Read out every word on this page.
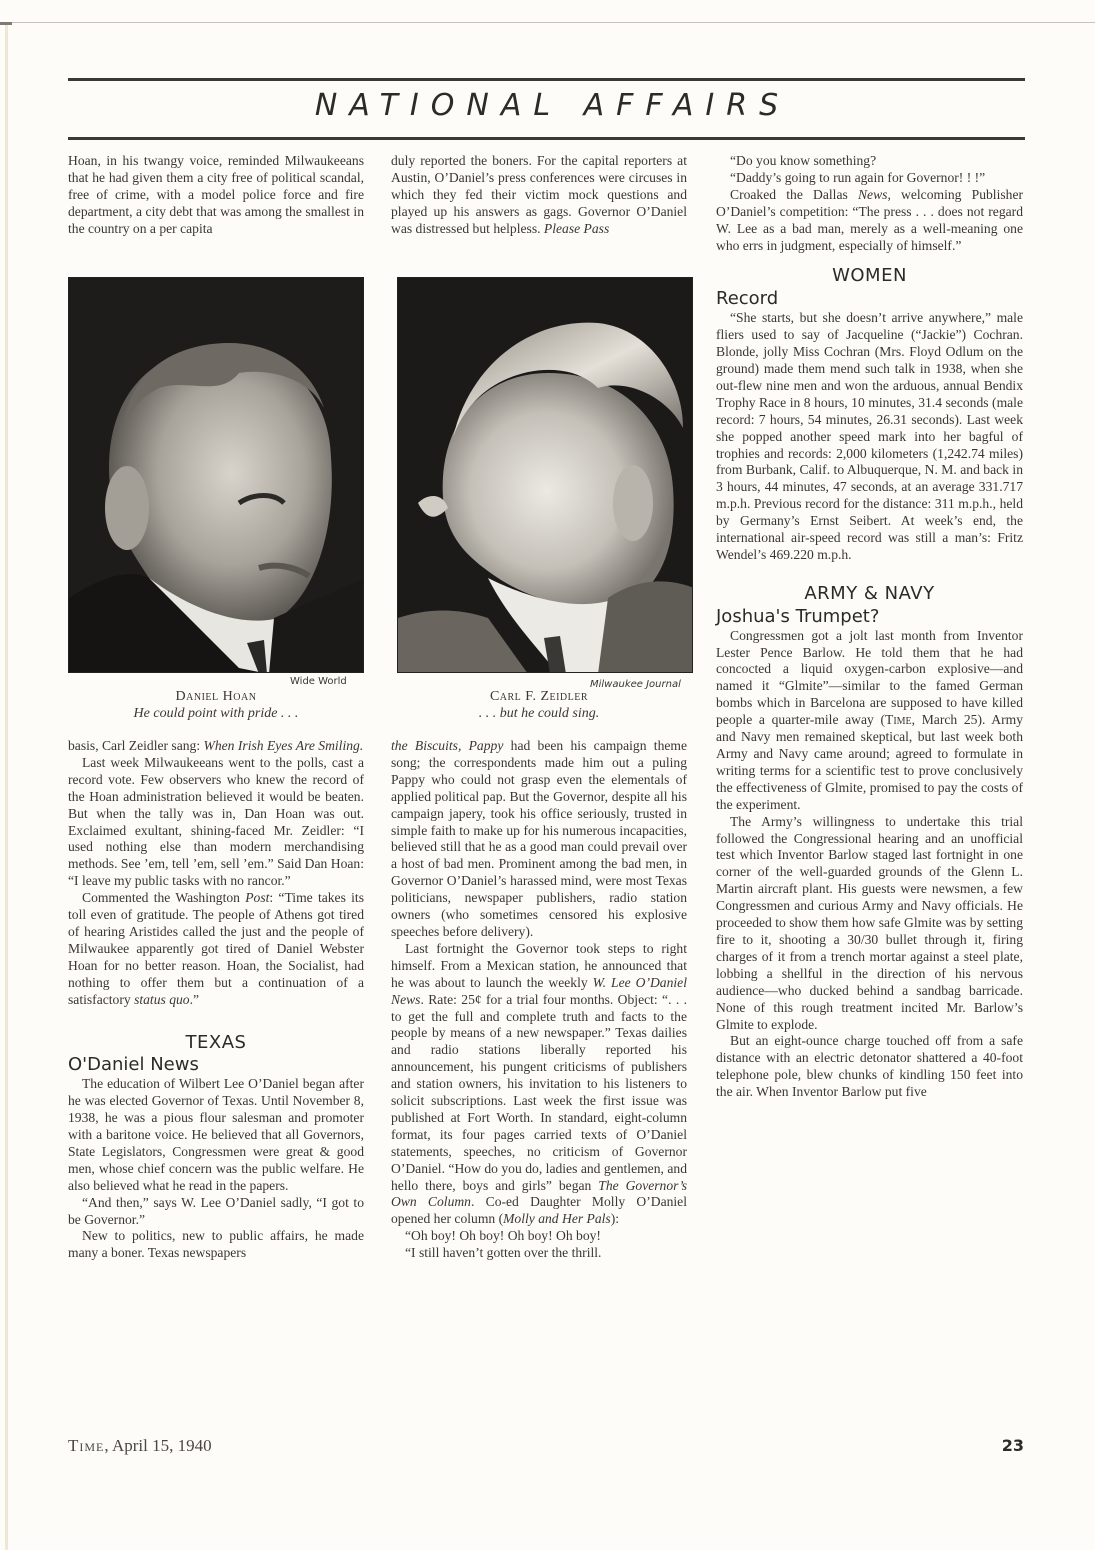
NATIONAL AFFAIRS

Hoan, in his twangy voice, reminded Milwaukeeans that he had given them a city free of political scandal, free of crime, with a model police force and fire department, a city debt that was among the smallest in the country on a per capita

duly reported the boners. For the capital reporters at Austin, O’Daniel’s press conferences were circuses in which they fed their victim mock questions and played up his answers as gags. Governor O’Daniel was distressed but helpless. Please Pass

Wide World
Daniel Hoan
He could point with pride . . .
Milwaukee Journal
Carl F. Zeidler
. . . but he could sing.

basis, Carl Zeidler sang: When Irish Eyes Are Smiling.

Last week Milwaukeeans went to the polls, cast a record vote. Few observers who knew the record of the Hoan administration believed it would be beaten. But when the tally was in, Dan Hoan was out. Exclaimed exultant, shining-faced Mr. Zeidler: “I used nothing else than modern merchandising methods. See ’em, tell ’em, sell ’em.” Said Dan Hoan: “I leave my public tasks with no rancor.”

Commented the Washington Post: “Time takes its toll even of gratitude. The people of Athens got tired of hearing Aristides called the just and the people of Milwaukee apparently got tired of Daniel Webster Hoan for no better reason. Hoan, the Socialist, had nothing to offer them but a continuation of a satisfactory status quo.”

TEXAS
O'Daniel News

The education of Wilbert Lee O’Daniel began after he was elected Governor of Texas. Until November 8, 1938, he was a pious flour salesman and promoter with a baritone voice. He believed that all Governors, State Legislators, Congressmen were great & good men, whose chief concern was the public welfare. He also believed what he read in the papers.

“And then,” says W. Lee O’Daniel sadly, “I got to be Governor.”

New to politics, new to public affairs, he made many a boner. Texas newspapers

the Biscuits, Pappy had been his campaign theme song; the correspondents made him out a puling Pappy who could not grasp even the elementals of applied political pap. But the Governor, despite all his campaign japery, took his office seriously, trusted in simple faith to make up for his numerous incapacities, believed still that he as a good man could prevail over a host of bad men. Prominent among the bad men, in Governor O’Daniel’s harassed mind, were most Texas politicians, newspaper publishers, radio station owners (who sometimes censored his explosive speeches before delivery).

Last fortnight the Governor took steps to right himself. From a Mexican station, he announced that he was about to launch the weekly W. Lee O’Daniel News. Rate: 25¢ for a trial four months. Object: “. . . to get the full and complete truth and facts to the people by means of a new newspaper.” Texas dailies and radio stations liberally reported his announcement, his pungent criticisms of publishers and station owners, his invitation to his listeners to solicit subscriptions. Last week the first issue was published at Fort Worth. In standard, eight-column format, its four pages carried texts of O’Daniel statements, speeches, no criticism of Governor O’Daniel. “How do you do, ladies and gentlemen, and hello there, boys and girls” began The Governor’s Own Column. Co-ed Daughter Molly O’Daniel opened her column (Molly and Her Pals):

“Oh boy! Oh boy! Oh boy! Oh boy!

“I still haven’t gotten over the thrill.

“Do you know something?

“Daddy’s going to run again for Governor! ! !”

Croaked the Dallas News, welcoming Publisher O’Daniel’s competition: “The press . . . does not regard W. Lee as a bad man, merely as a well-meaning one who errs in judgment, especially of himself.”

WOMEN
Record

“She starts, but she doesn’t arrive anywhere,” male fliers used to say of Jacqueline (“Jackie”) Cochran. Blonde, jolly Miss Cochran (Mrs. Floyd Odlum on the ground) made them mend such talk in 1938, when she out-flew nine men and won the arduous, annual Bendix Trophy Race in 8 hours, 10 minutes, 31.4 seconds (male record: 7 hours, 54 minutes, 26.31 seconds). Last week she popped another speed mark into her bagful of trophies and records: 2,000 kilometers (1,242.74 miles) from Burbank, Calif. to Albuquerque, N. M. and back in 3 hours, 44 minutes, 47 seconds, at an average 331.717 m.p.h. Previous record for the distance: 311 m.p.h., held by Germany’s Ernst Seibert. At week’s end, the international air-speed record was still a man’s: Fritz Wendel’s 469.220 m.p.h.

ARMY & NAVY
Joshua's Trumpet?

Congressmen got a jolt last month from Inventor Lester Pence Barlow. He told them that he had concocted a liquid oxygen-carbon explosive—and named it “Glmite”—similar to the famed German bombs which in Barcelona are supposed to have killed people a quarter-mile away (Time, March 25). Army and Navy men remained skeptical, but last week both Army and Navy came around; agreed to formulate in writing terms for a scientific test to prove conclusively the effectiveness of Glmite, promised to pay the costs of the experiment.

The Army’s willingness to undertake this trial followed the Congressional hearing and an unofficial test which Inventor Barlow staged last fortnight in one corner of the well-guarded grounds of the Glenn L. Martin aircraft plant. His guests were newsmen, a few Congressmen and curious Army and Navy officials. He proceeded to show them how safe Glmite was by setting fire to it, shooting a 30/30 bullet through it, firing charges of it from a trench mortar against a steel plate, lobbing a shellful in the direction of his nervous audience—who ducked behind a sandbag barricade. None of this rough treatment incited Mr. Barlow’s Glmite to explode.

But an eight-ounce charge touched off from a safe distance with an electric detonator shattered a 40-foot telephone pole, blew chunks of kindling 150 feet into the air. When Inventor Barlow put five

Time, April 15, 1940	23
